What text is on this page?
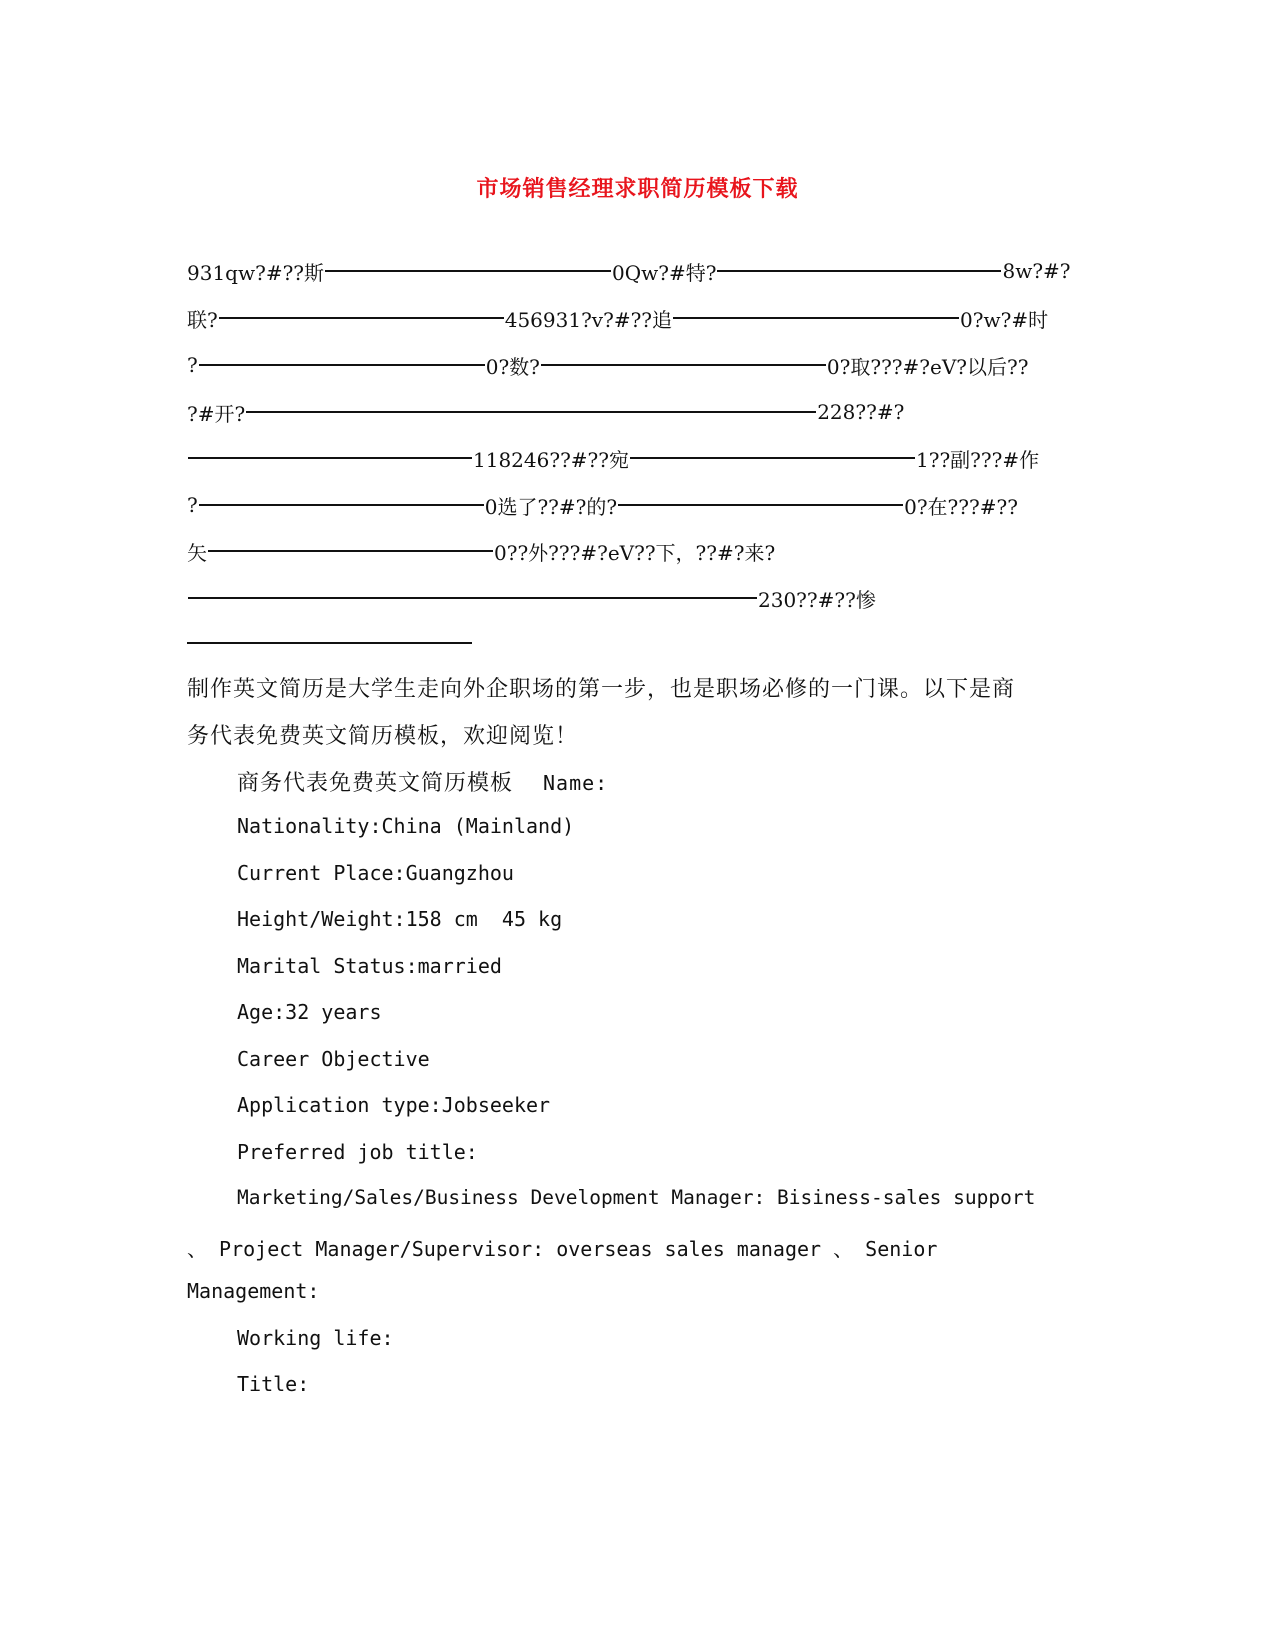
市场销售经理求职简历模板下载
931qw?#??斯	0Qw?#特?	8w?#?
联?	456931?v?#??追	0?w?#时
?	0?数?	0?取???#?eV?以后??
?#开?	228??#?
118246??#??宛	1??副???#作
?	0选了??#?的?	0?在???#??
矢	0??外???#?eV??下，??#?来?
230??#??惨
制作英文简历是大学生走向外企职场的第一步，也是职场必修的一门课。以下是商
务代表免费英文简历模板，欢迎阅览！
商务代表免费英文简历模板 Name:
Nationality:China (Mainland)
Current Place:Guangzhou
Height/Weight:158 cm  45 kg
Marital Status:married
Age:32 years
Career Objective
Application type:Jobseeker
Preferred job title:
Marketing/Sales/Business Development Manager: Bisiness-sales support
、 Project Manager/Supervisor: overseas sales manager 、 Senior
Management:
Working life:
Title:
